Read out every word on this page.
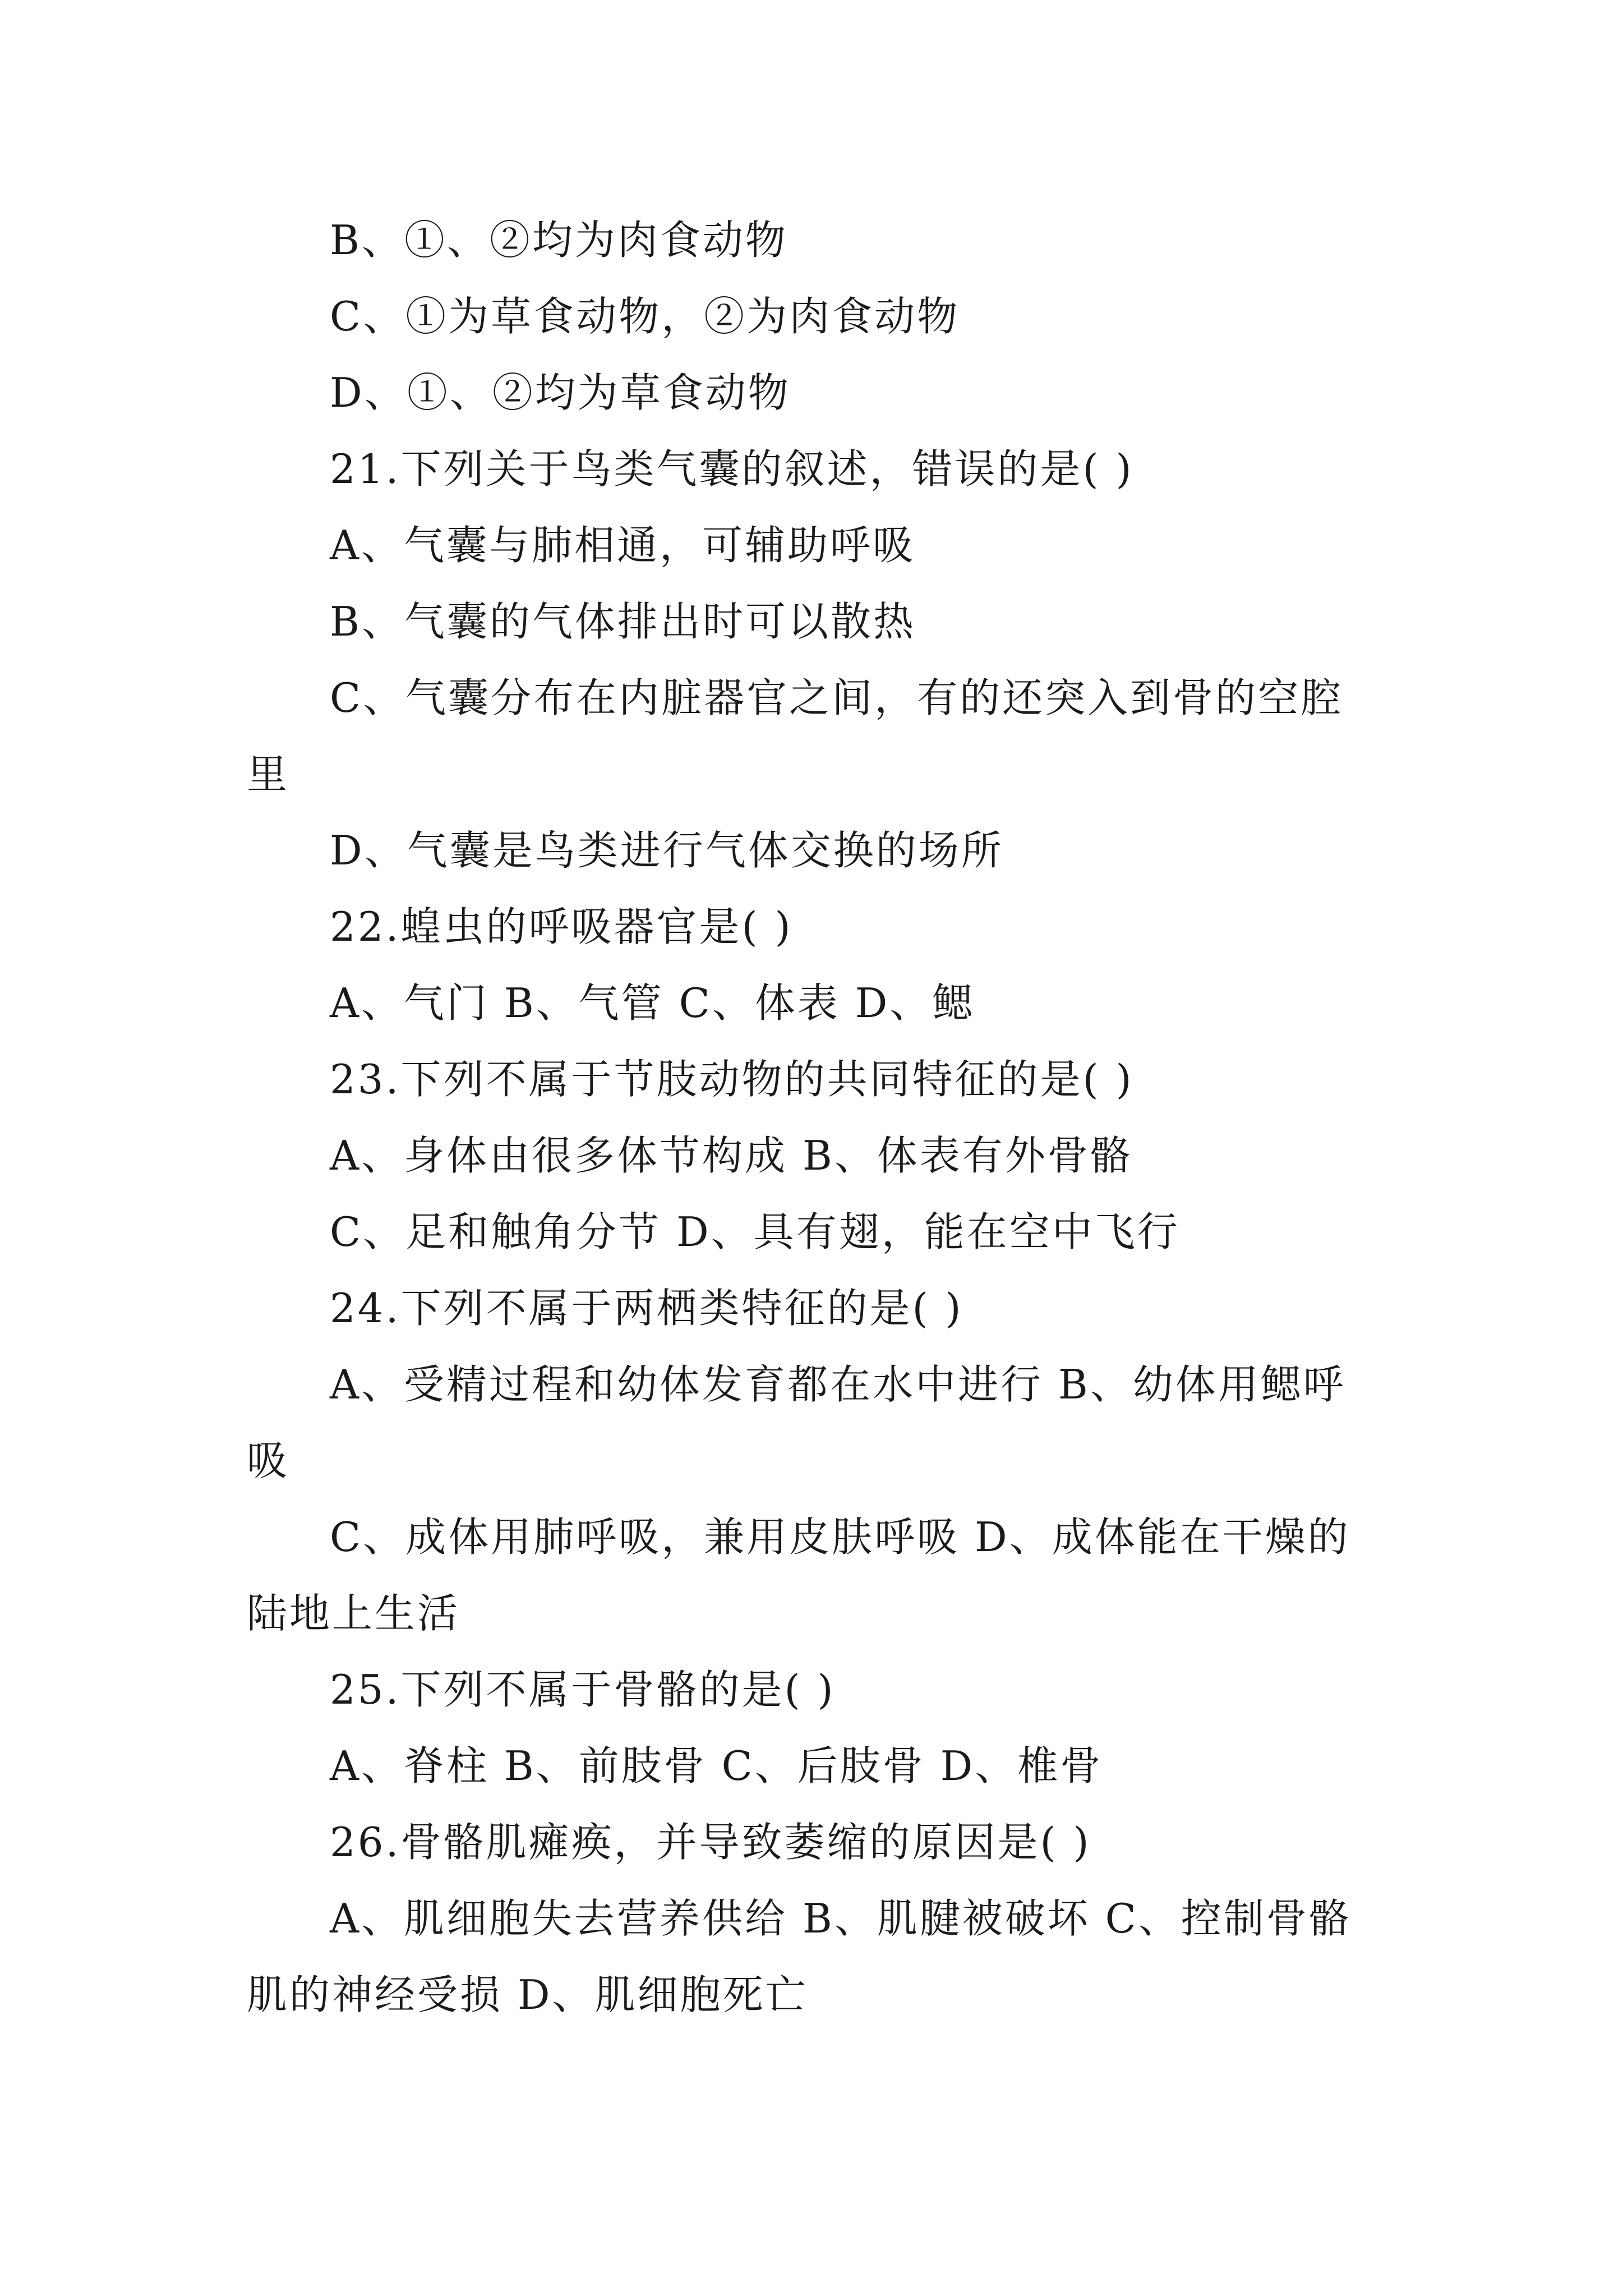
B、①、②均为肉食动物

C、①为草食动物，②为肉食动物

D、①、②均为草食动物

21.下列关于鸟类气囊的叙述，错误的是( )

A、气囊与肺相通，可辅助呼吸

B、气囊的气体排出时可以散热

C、气囊分布在内脏器官之间，有的还突入到骨的空腔里

D、气囊是鸟类进行气体交换的场所

22.蝗虫的呼吸器官是( )

A、气门 B、气管 C、体表 D、鳃

23.下列不属于节肢动物的共同特征的是( )

A、身体由很多体节构成 B、体表有外骨骼

C、足和触角分节 D、具有翅，能在空中飞行

24.下列不属于两栖类特征的是( )

A、受精过程和幼体发育都在水中进行 B、幼体用鳃呼吸

C、成体用肺呼吸，兼用皮肤呼吸 D、成体能在干燥的陆地上生活

25.下列不属于骨骼的是( )

A、脊柱 B、前肢骨 C、后肢骨 D、椎骨

26.骨骼肌瘫痪，并导致萎缩的原因是( )

A、肌细胞失去营养供给 B、肌腱被破坏 C、控制骨骼肌的神经受损 D、肌细胞死亡
